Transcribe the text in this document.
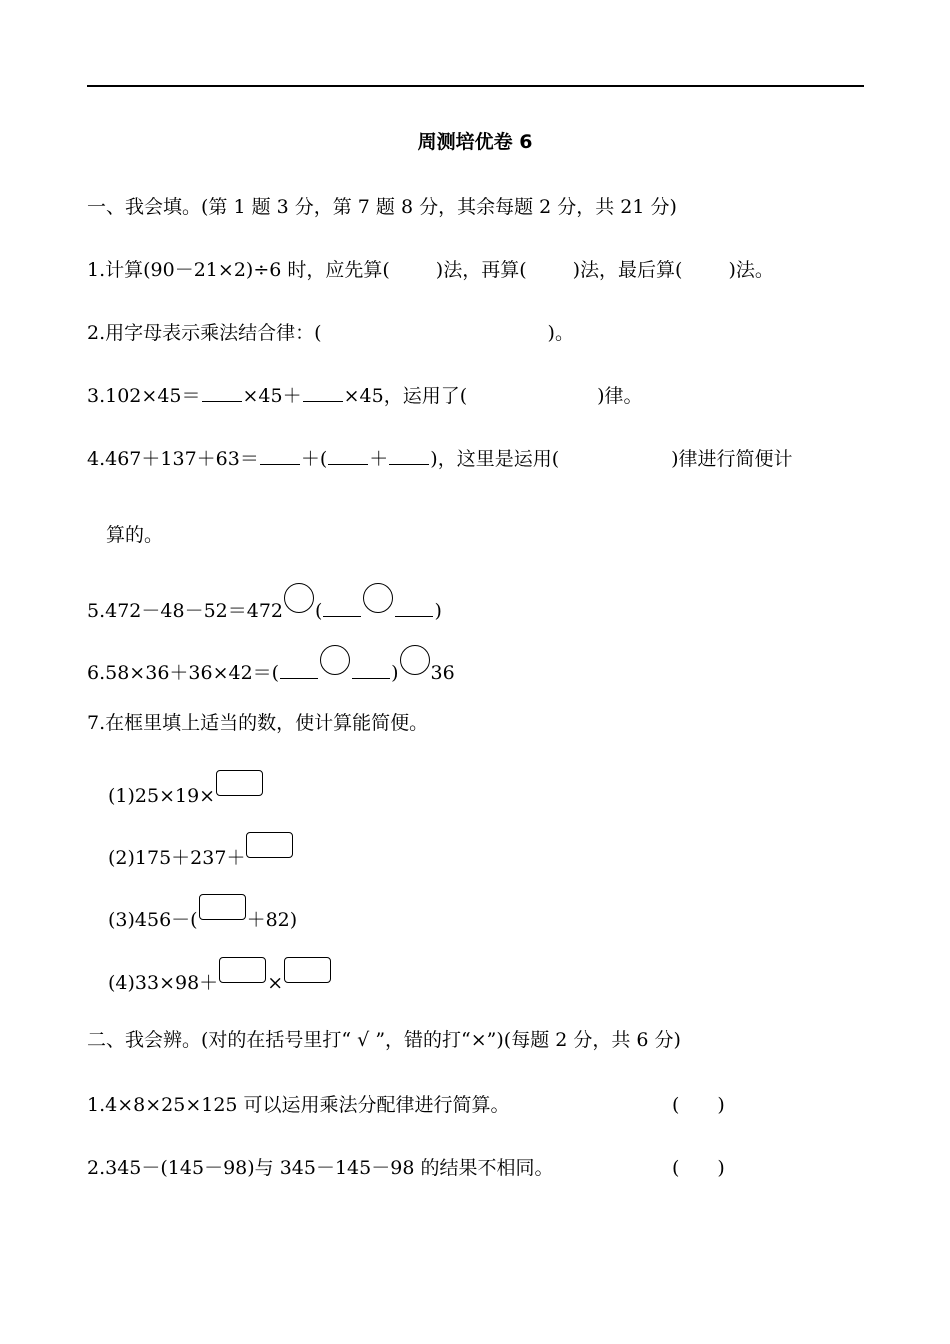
周测培优卷 6
一、我会填。(第 1 题 3 分，第 7 题 8 分，其余每题 2 分，共 21 分)
1.计算(90－21×2)÷6 时，应先算( )法，再算( )法，最后算( )法。
2.用字母表示乘法结合律：(	)。
3.102×45＝ ×45＋ ×45，运用了(	)律。
4.467＋137＋63＝ ＋( ＋ )，这里是运用(	)律进行简便计
算的。
5.472－48－52＝472 (	)
6.58×36＋36×42＝(	) 36
7.在框里填上适当的数，使计算能简便。
(1)25×19×
(2)175＋237＋
(3)456－(	＋82)
(4)33×98＋	×
二、我会辨。(对的在括号里打“ √ ”，错的打“×”)(每题 2 分，共 6 分)
1.4×8×25×125 可以运用乘法分配律进行简算。	(　　)
2.345－(145－98)与 345－145－98 的结果不相同。	(　　)
